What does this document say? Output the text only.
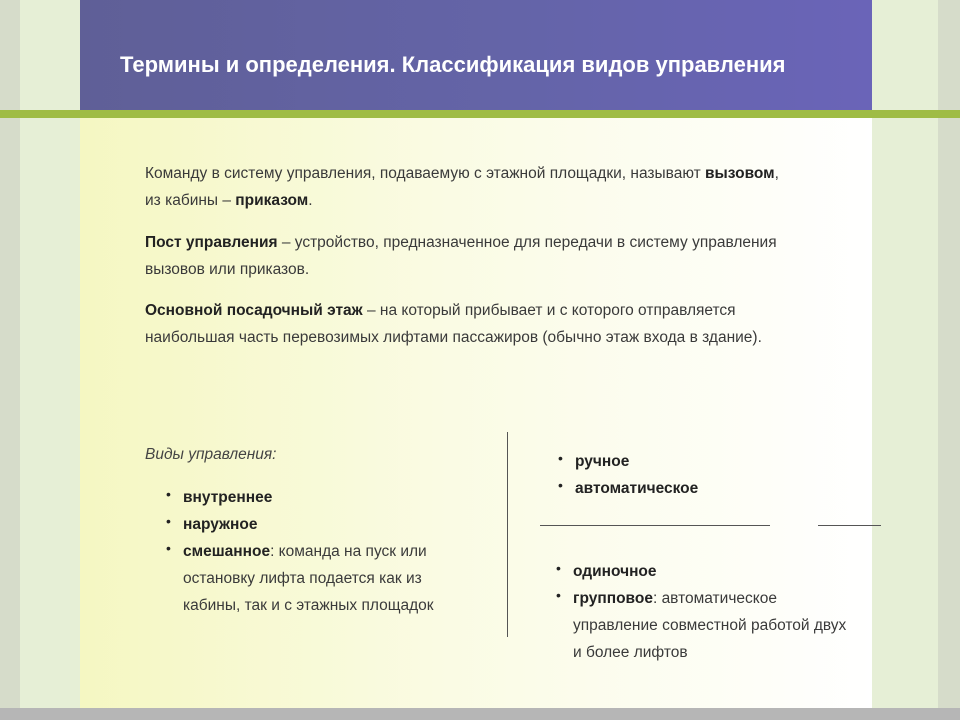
Термины и определения. Классификация видов управления

Команду в систему управления, подаваемую с этажной площадки, называют вызовом, из кабины – приказом.

Пост управления – устройство, предназначенное для передачи в систему управления вызовов или приказов.

Основной посадочный этаж – на который прибывает и с которого отправляется наибольшая часть перевозимых лифтами пассажиров (обычно этаж входа в здание).

Виды управления:
• внутреннее
• наружное
• смешанное: команда на пуск или остановку лифта подается как из кабины, так и с этажных площадок
• ручное
• автоматическое
• одиночное
• групповое: автоматическое управление совместной работой двух и более лифтов
